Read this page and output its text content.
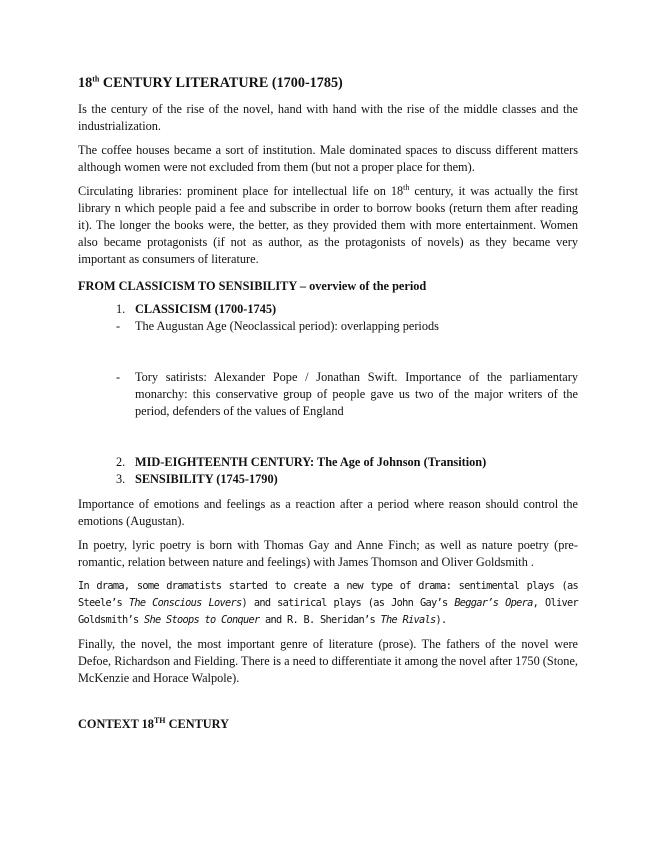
18th CENTURY LITERATURE (1700-1785)

Is the century of the rise of the novel, hand with hand with the rise of the middle classes and the industrialization.

The coffee houses became a sort of institution. Male dominated spaces to discuss different matters although women were not excluded from them (but not a proper place for them).

Circulating libraries: prominent place for intellectual life on 18th century, it was actually the first library n which people paid a fee and subscribe in order to borrow books (return them after reading it). The longer the books were, the better, as they provided them with more entertainment. Women also became protagonists (if not as author, as the protagonists of novels) as they became very important as consumers of literature.

FROM CLASSICISM TO SENSIBILITY – overview of the period
1. CLASSICISM (1700-1745)
- The Augustan Age (Neoclassical period): overlapping periods
- Tory satirists: Alexander Pope / Jonathan Swift. Importance of the parliamentary monarchy: this conservative group of people gave us two of the major writers of the period, defenders of the values of England
2. MID-EIGHTEENTH CENTURY: The Age of Johnson (Transition)
3. SENSIBILITY (1745-1790)

Importance of emotions and feelings as a reaction after a period where reason should control the emotions (Augustan).

In poetry, lyric poetry is born with Thomas Gay and Anne Finch; as well as nature poetry (pre-romantic, relation between nature and feelings) with James Thomson and Oliver Goldsmith .

In drama, some dramatists started to create a new type of drama: sentimental plays (as Steele’s The Conscious Lovers) and satirical plays (as John Gay’s Beggar’s Opera, Oliver Goldsmith’s She Stoops to Conquer and R. B. Sheridan’s The Rivals).

Finally, the novel, the most important genre of literature (prose). The fathers of the novel were Defoe, Richardson and Fielding. There is a need to differentiate it among the novel after 1750 (Stone, McKenzie and Horace Walpole).

CONTEXT 18TH CENTURY
